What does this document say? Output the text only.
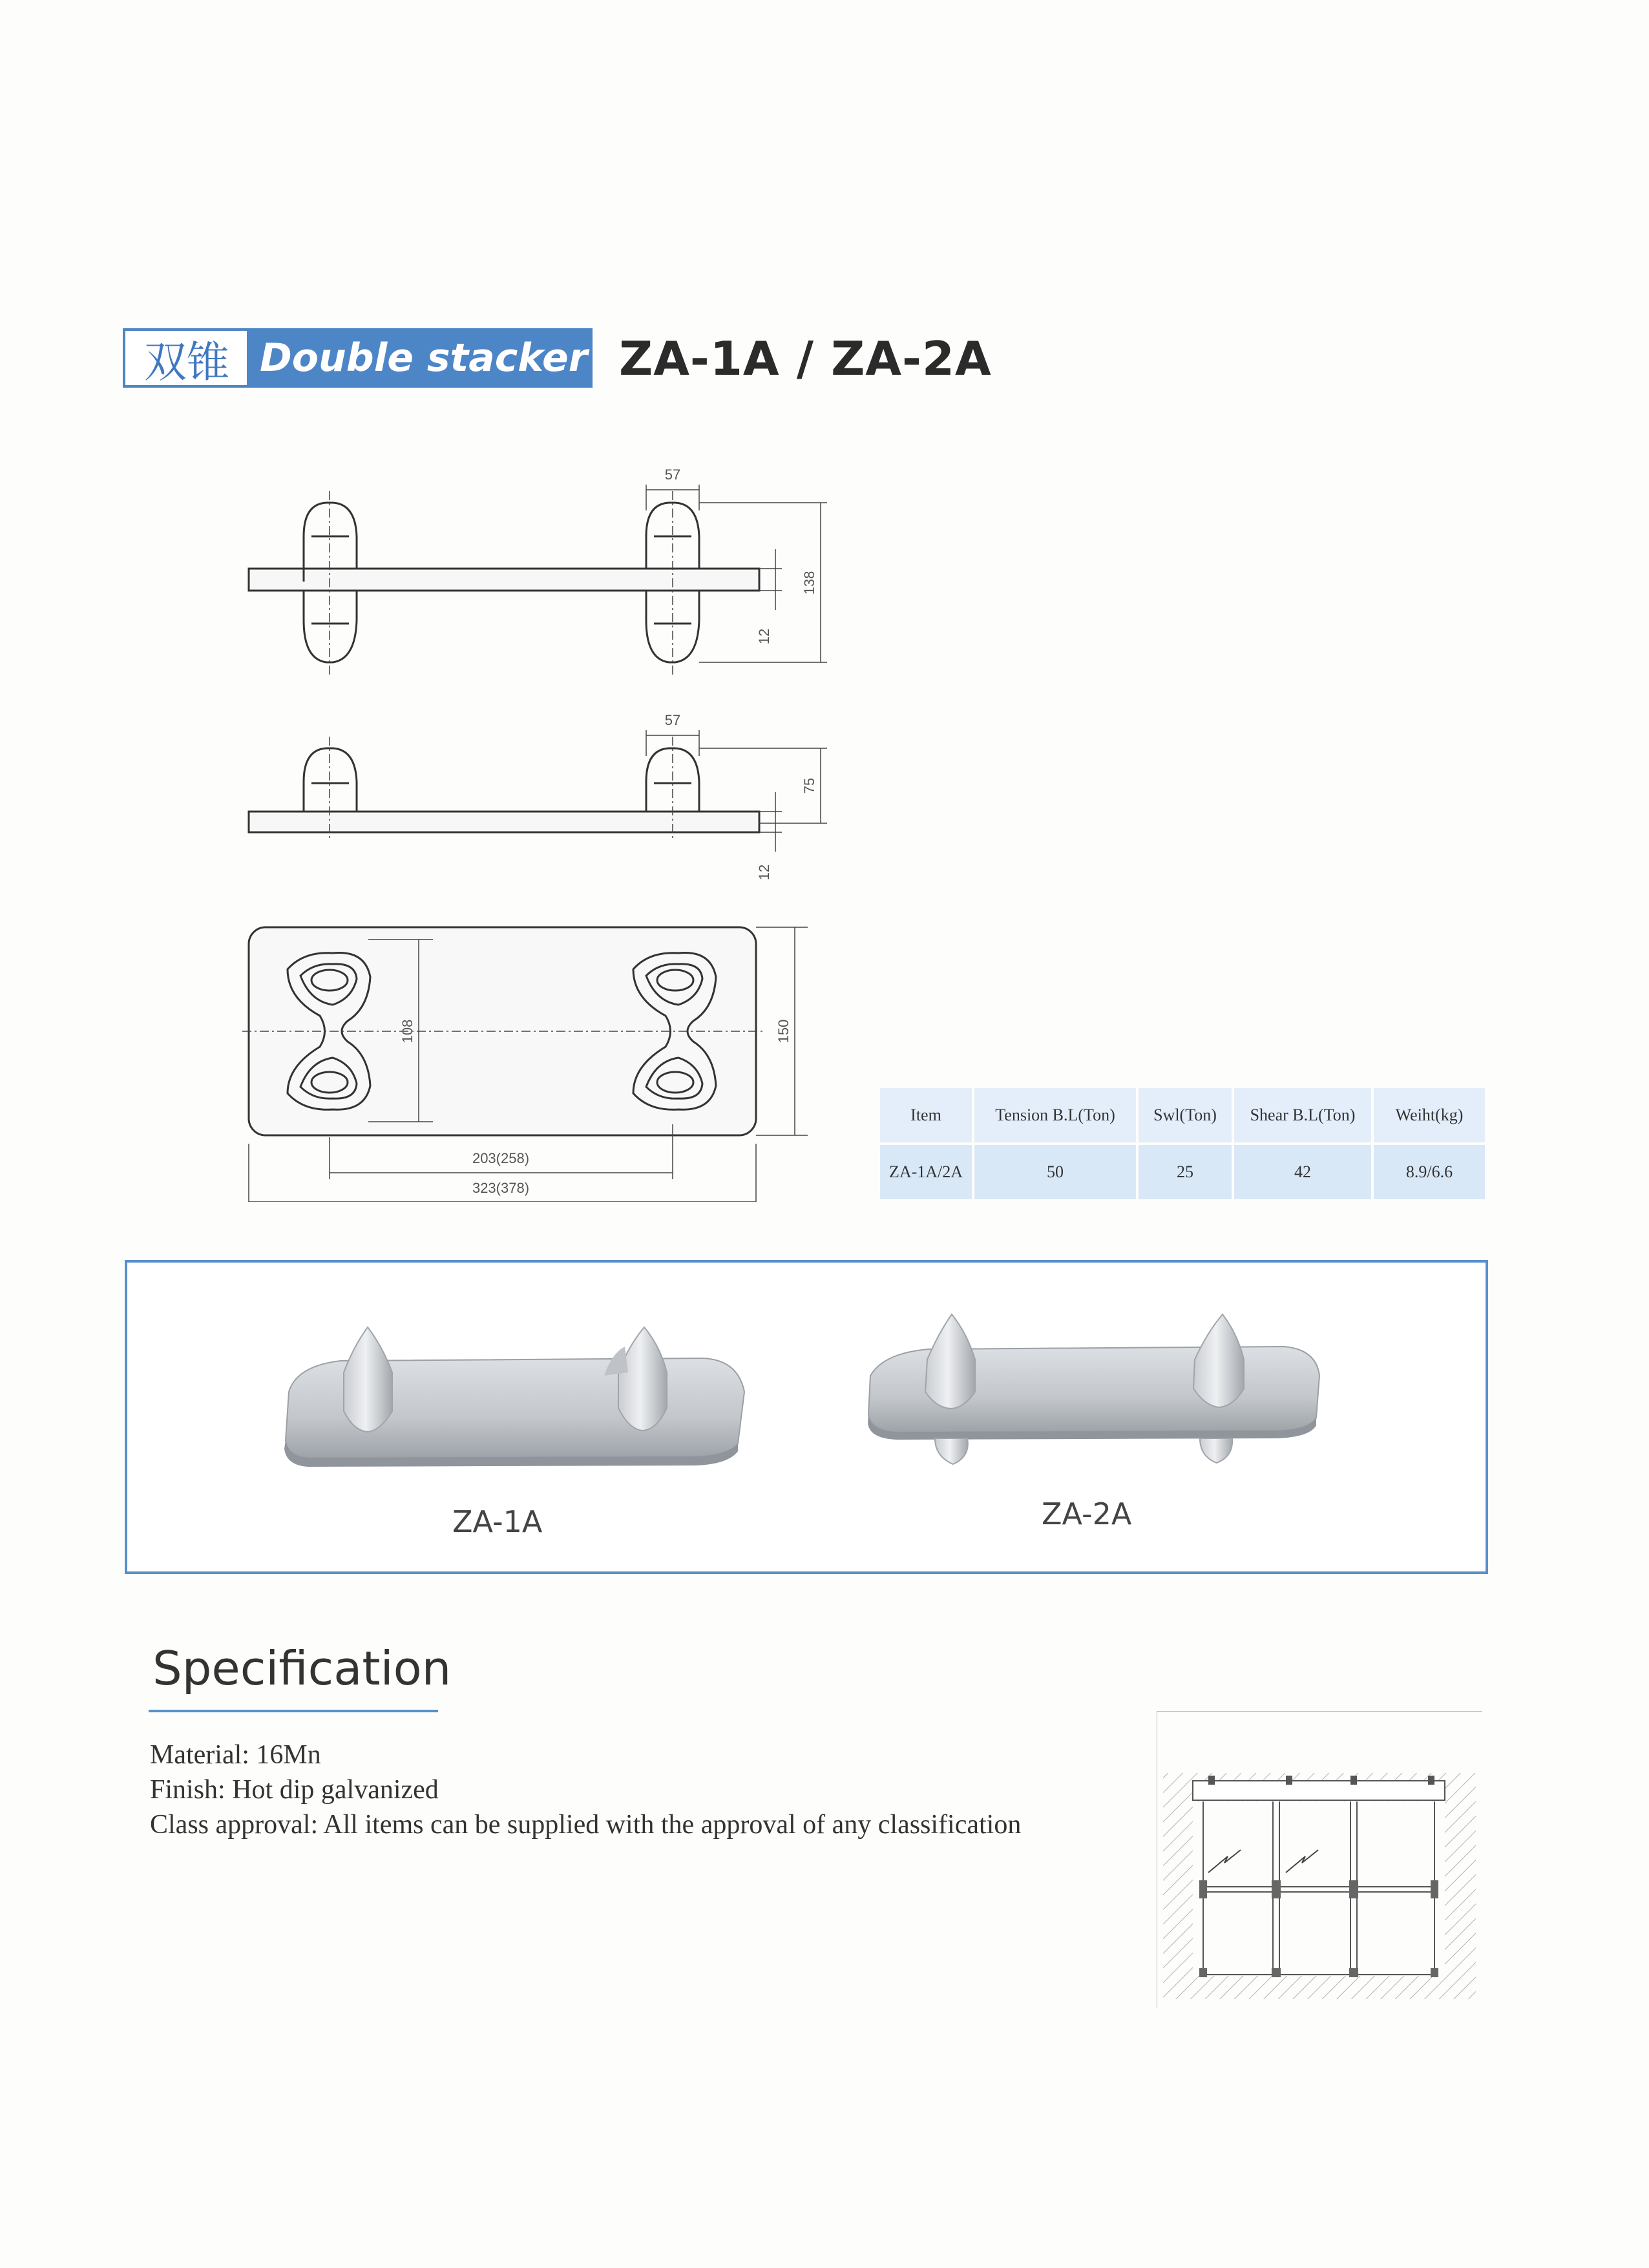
双锥 Double stacker ZA-1A / ZA-2A
57
138
12
57
75
12
108	150
203(258)
323(378)
Item	Tension B.L(Ton)	Swl(Ton)	Shear B.L(Ton)	Weiht(kg)
ZA-1A/2A	50	25	42	8.9/6.6
ZA-1A	ZA-2A
Specification
Material: 16Mn
Finish: Hot dip galvanized
Class approval: All items can be supplied with the approval of any classification
